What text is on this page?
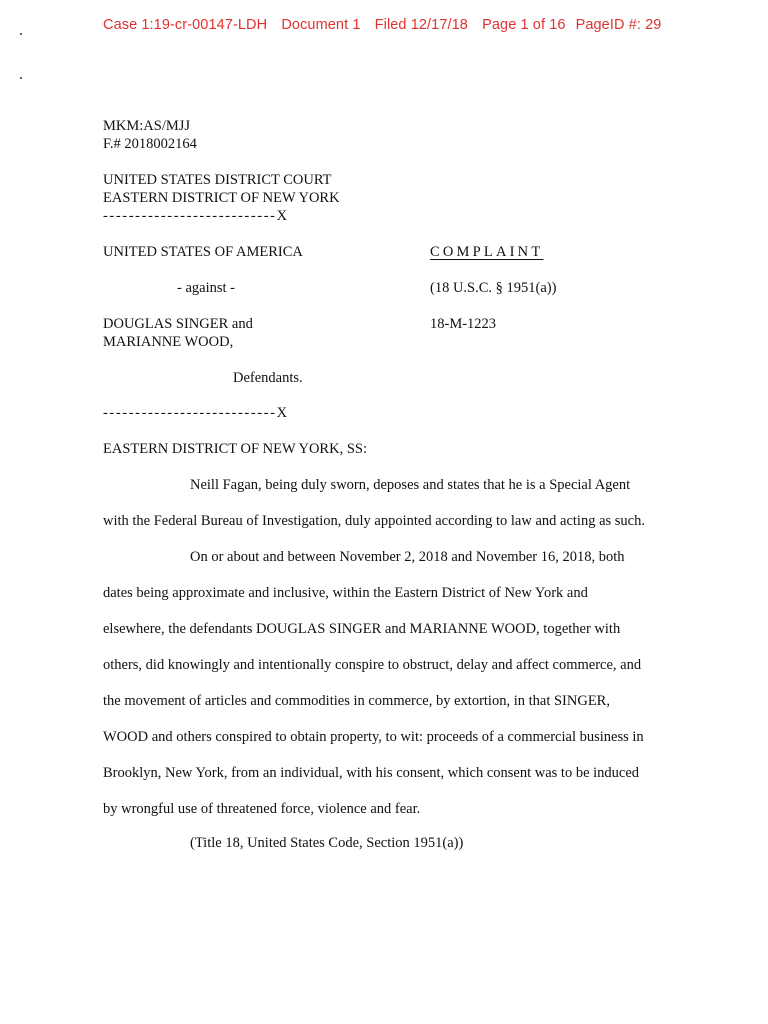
Case 1:19-cr-00147-LDH Document 1 Filed 12/17/18 Page 1 of 16 PageID #: 29
MKM:AS/MJJ
F.# 2018002164
UNITED STATES DISTRICT COURT
EASTERN DISTRICT OF NEW YORK
---------------------------X
UNITED STATES OF AMERICA	COMPLAINT
- against -	(18 U.S.C. § 1951(a))
DOUGLAS SINGER and	18-M-1223
MARIANNE WOOD,
Defendants.
---------------------------X
EASTERN DISTRICT OF NEW YORK, SS:
Neill Fagan, being duly sworn, deposes and states that he is a Special Agent
with the Federal Bureau of Investigation, duly appointed according to law and acting as such.
On or about and between November 2, 2018 and November 16, 2018, both
dates being approximate and inclusive, within the Eastern District of New York and
elsewhere, the defendants DOUGLAS SINGER and MARIANNE WOOD, together with
others, did knowingly and intentionally conspire to obstruct, delay and affect commerce, and
the movement of articles and commodities in commerce, by extortion, in that SINGER,
WOOD and others conspired to obtain property, to wit: proceeds of a commercial business in
Brooklyn, New York, from an individual, with his consent, which consent was to be induced
by wrongful use of threatened force, violence and fear.
(Title 18, United States Code, Section 1951(a))
